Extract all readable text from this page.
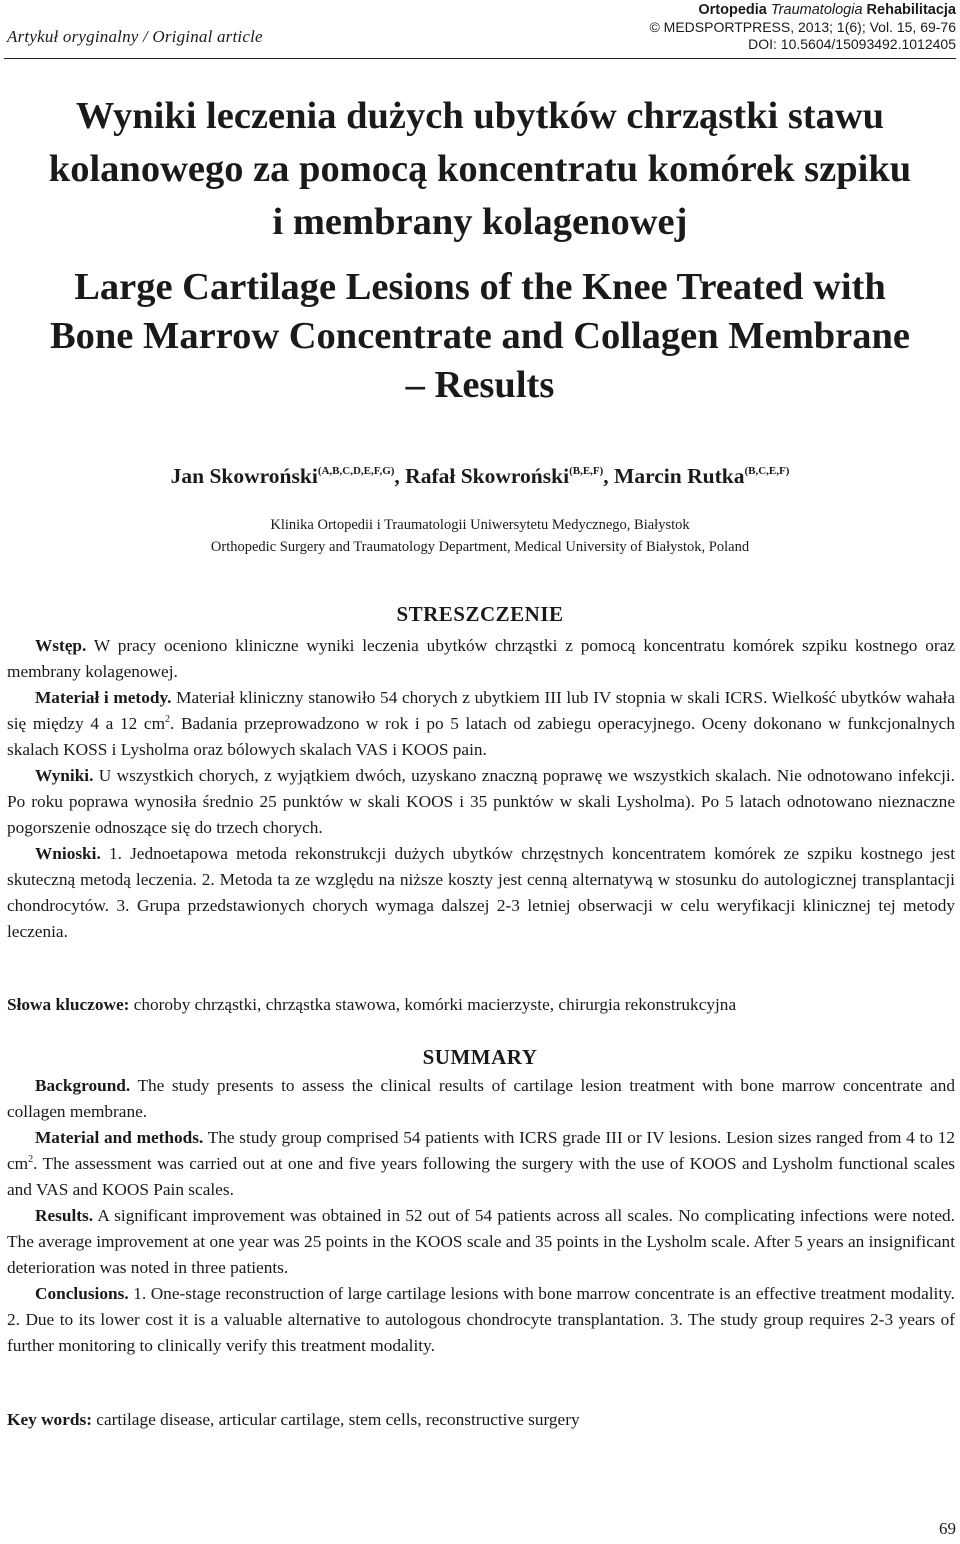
Artykuł oryginalny / Original article
Ortopedia Traumatologia Rehabilitacja
© MEDSPORTPRESS, 2013; 1(6); Vol. 15, 69-76
DOI: 10.5604/15093492.1012405
Wyniki leczenia dużych ubytków chrząstki stawu
kolanowego za pomocą koncentratu komórek szpiku
i membrany kolagenowej
Large Cartilage Lesions of the Knee Treated with
Bone Marrow Concentrate and Collagen Membrane
– Results
Jan Skowroński$^{(A,B,C,D,E,F,G)}$, Rafał Skowroński$^{(B,E,F)}$, Marcin Rutka$^{(B,C,E,F)}$
Klinika Ortopedii i Traumatologii Uniwersytetu Medycznego, Białystok
Orthopedic Surgery and Traumatology Department, Medical University of Białystok, Poland
STRESZCZENIE

Wstęp. W pracy oceniono kliniczne wyniki leczenia ubytków chrząstki z pomocą koncentratu komórek szpiku kostnego oraz membrany kolagenowej.

Materiał i metody. Materiał kliniczny stanowiło 54 chorych z ubytkiem III lub IV stopnia w skali ICRS. Wielkość ubytków wahała się między 4 a 12 $cm^2$. Badania przeprowadzono w rok i po 5 latach od zabiegu operacyjnego. Oceny dokonano w funkcjonalnych skalach KOSS i Lysholma oraz bólowych skalach VAS i KOOS pain.

Wyniki. U wszystkich chorych, z wyjątkiem dwóch, uzyskano znaczną poprawę we wszystkich skalach. Nie odnotowano infekcji. Po roku poprawa wynosiła średnio 25 punktów w skali KOOS i 35 punktów w skali Lysholma). Po 5 latach odnotowano nieznaczne pogorszenie odnoszące się do trzech chorych.

Wnioski. 1. Jednoetapowa metoda rekonstrukcji dużych ubytków chrzęstnych koncentratem komórek ze szpiku kostnego jest skuteczną metodą leczenia. 2. Metoda ta ze względu na niższe koszty jest cenną alternatywą w stosunku do autologicznej transplantacji chondrocytów. 3. Grupa przedstawionych chorych wymaga dalszej 2-3 letniej obserwacji w celu weryfikacji klinicznej tej metody leczenia.

Słowa kluczowe: choroby chrząstki, chrząstka stawowa, komórki macierzyste, chirurgia rekonstrukcyjna
SUMMARY

Background. The study presents to assess the clinical results of cartilage lesion treatment with bone marrow concentrate and collagen membrane.

Material and methods. The study group comprised 54 patients with ICRS grade III or IV lesions. Lesion sizes ranged from 4 to 12 $cm^2$. The assessment was carried out at one and five years following the surgery with the use of KOOS and Lysholm functional scales and VAS and KOOS Pain scales.

Results. A significant improvement was obtained in 52 out of 54 patients across all scales. No complicating infections were noted. The average improvement at one year was 25 points in the KOOS scale and 35 points in the Lysholm scale. After 5 years an insignificant deterioration was noted in three patients.

Conclusions. 1. One-stage reconstruction of large cartilage lesions with bone marrow concentrate is an effective treatment modality. 2. Due to its lower cost it is a valuable alternative to autologous chondrocyte transplantation. 3. The study group requires 2-3 years of further monitoring to clinically verify this treatment modality.

Key words: cartilage disease, articular cartilage, stem cells, reconstructive surgery
69
